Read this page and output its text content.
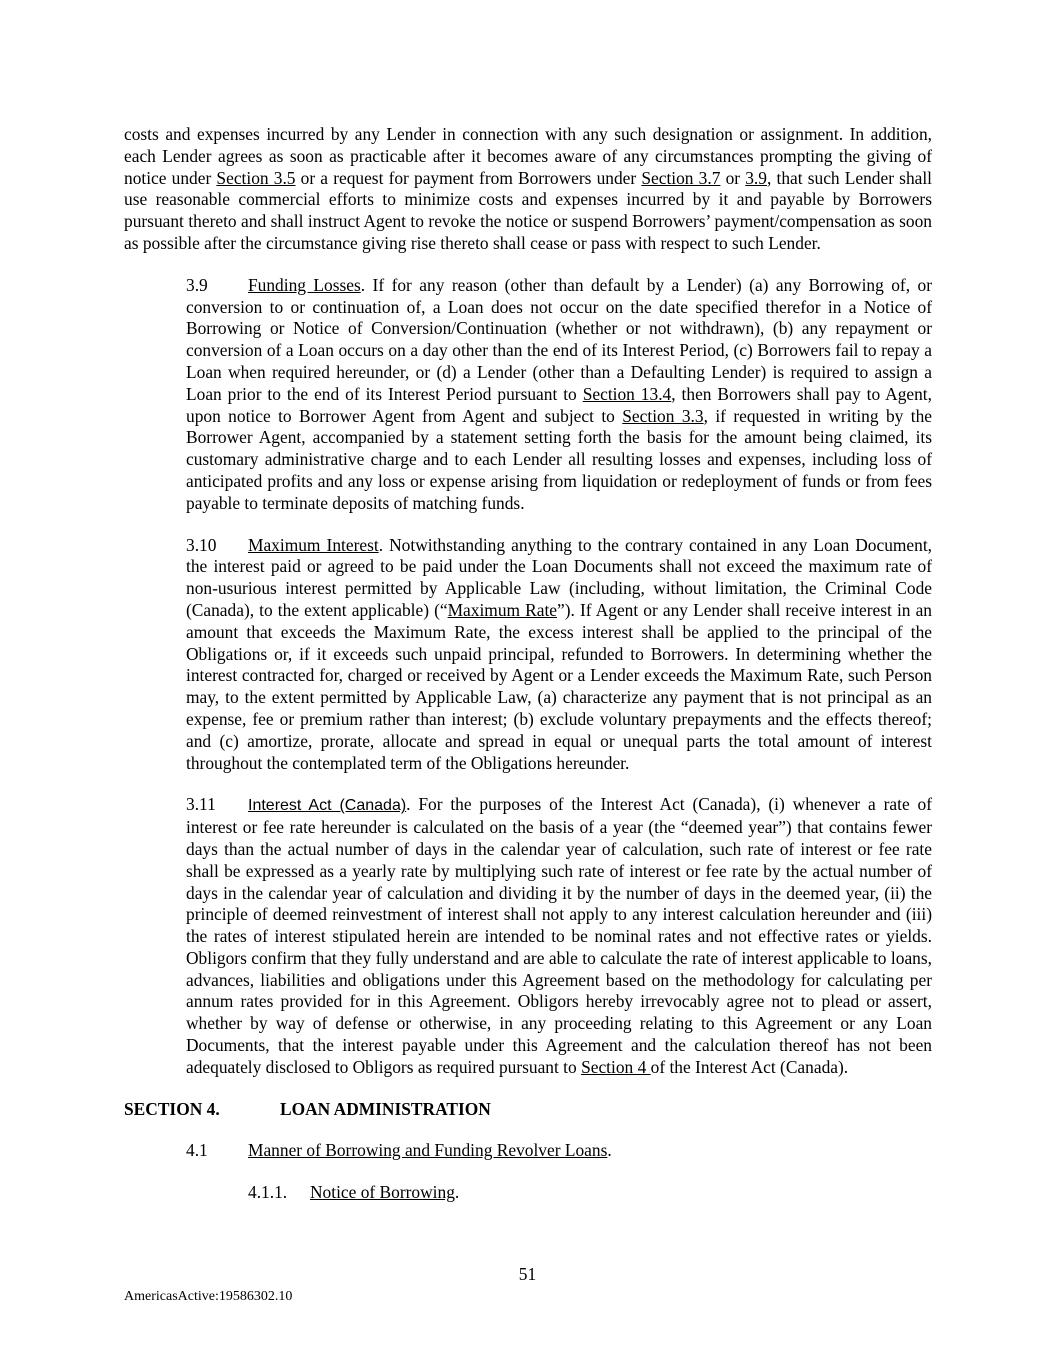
costs and expenses incurred by any Lender in connection with any such designation or assignment. In addition, each Lender agrees as soon as practicable after it becomes aware of any circumstances prompting the giving of notice under Section 3.5 or a request for payment from Borrowers under Section 3.7 or 3.9, that such Lender shall use reasonable commercial efforts to minimize costs and expenses incurred by it and payable by Borrowers pursuant thereto and shall instruct Agent to revoke the notice or suspend Borrowers’ payment/compensation as soon as possible after the circumstance giving rise thereto shall cease or pass with respect to such Lender.

3.9 Funding Losses. If for any reason (other than default by a Lender) (a) any Borrowing of, or conversion to or continuation of, a Loan does not occur on the date specified therefor in a Notice of Borrowing or Notice of Conversion/Continuation (whether or not withdrawn), (b) any repayment or conversion of a Loan occurs on a day other than the end of its Interest Period, (c) Borrowers fail to repay a Loan when required hereunder, or (d) a Lender (other than a Defaulting Lender) is required to assign a Loan prior to the end of its Interest Period pursuant to Section 13.4, then Borrowers shall pay to Agent, upon notice to Borrower Agent from Agent and subject to Section 3.3, if requested in writing by the Borrower Agent, accompanied by a statement setting forth the basis for the amount being claimed, its customary administrative charge and to each Lender all resulting losses and expenses, including loss of anticipated profits and any loss or expense arising from liquidation or redeployment of funds or from fees payable to terminate deposits of matching funds.

3.10 Maximum Interest. Notwithstanding anything to the contrary contained in any Loan Document, the interest paid or agreed to be paid under the Loan Documents shall not exceed the maximum rate of non-usurious interest permitted by Applicable Law (including, without limitation, the Criminal Code (Canada), to the extent applicable) (“Maximum Rate”). If Agent or any Lender shall receive interest in an amount that exceeds the Maximum Rate, the excess interest shall be applied to the principal of the Obligations or, if it exceeds such unpaid principal, refunded to Borrowers. In determining whether the interest contracted for, charged or received by Agent or a Lender exceeds the Maximum Rate, such Person may, to the extent permitted by Applicable Law, (a) characterize any payment that is not principal as an expense, fee or premium rather than interest; (b) exclude voluntary prepayments and the effects thereof; and (c) amortize, prorate, allocate and spread in equal or unequal parts the total amount of interest throughout the contemplated term of the Obligations hereunder.

3.11 Interest Act (Canada). For the purposes of the Interest Act (Canada), (i) whenever a rate of interest or fee rate hereunder is calculated on the basis of a year (the “deemed year”) that contains fewer days than the actual number of days in the calendar year of calculation, such rate of interest or fee rate shall be expressed as a yearly rate by multiplying such rate of interest or fee rate by the actual number of days in the calendar year of calculation and dividing it by the number of days in the deemed year, (ii) the principle of deemed reinvestment of interest shall not apply to any interest calculation hereunder and (iii) the rates of interest stipulated herein are intended to be nominal rates and not effective rates or yields. Obligors confirm that they fully understand and are able to calculate the rate of interest applicable to loans, advances, liabilities and obligations under this Agreement based on the methodology for calculating per annum rates provided for in this Agreement. Obligors hereby irrevocably agree not to plead or assert, whether by way of defense or otherwise, in any proceeding relating to this Agreement or any Loan Documents, that the interest payable under this Agreement and the calculation thereof has not been adequately disclosed to Obligors as required pursuant to Section 4 of the Interest Act (Canada).

SECTION 4.	LOAN ADMINISTRATION

4.1 Manner of Borrowing and Funding Revolver Loans.

4.1.1. Notice of Borrowing.

51
AmericasActive:19586302.10
